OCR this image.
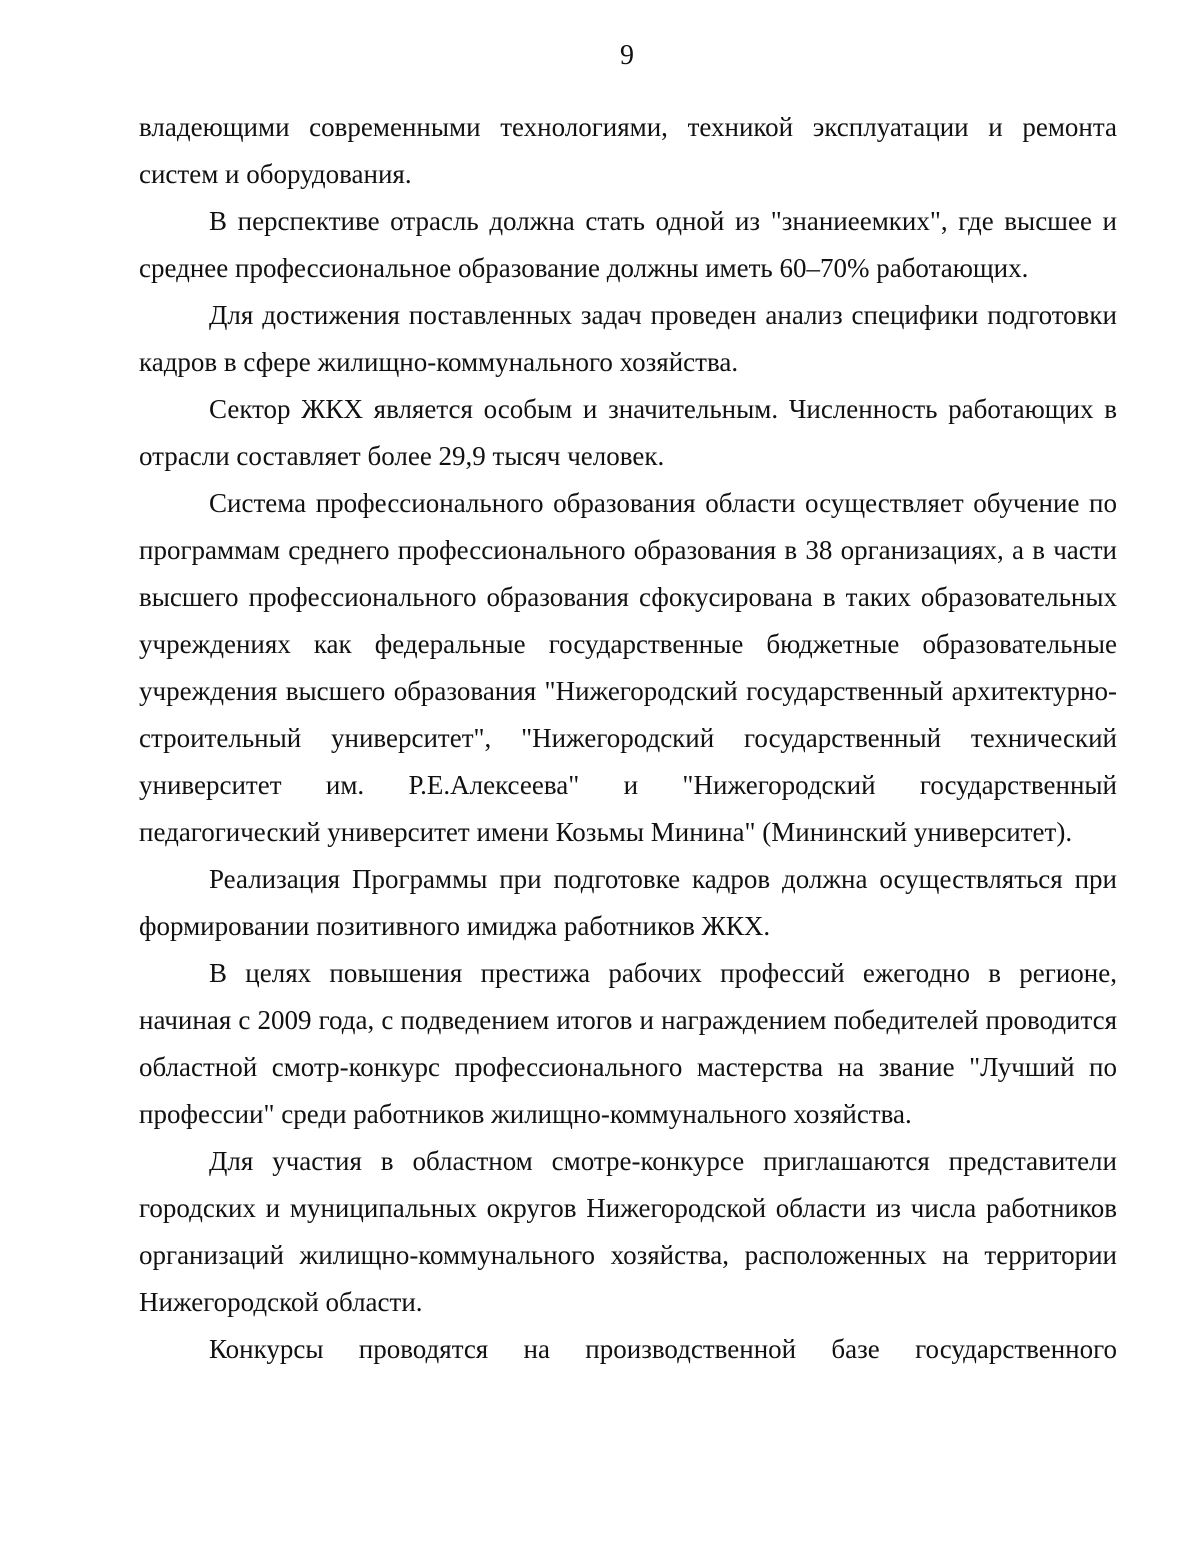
9

владеющими современными технологиями, техникой эксплуатации и ремонта систем и оборудования.

В перспективе отрасль должна стать одной из "знаниеемких", где высшее и среднее профессиональное образование должны иметь 60–70% работающих.

Для достижения поставленных задач проведен анализ специфики подготовки кадров в сфере жилищно-коммунального хозяйства.

Сектор ЖКХ является особым и значительным. Численность работающих в отрасли составляет более 29,9 тысяч человек.

Система профессионального образования области осуществляет обучение по программам среднего профессионального образования в 38 организациях, а в части высшего профессионального образования сфокусирована в таких образовательных учреждениях как федеральные государственные бюджетные образовательные учреждения высшего образования "Нижегородский государственный архитектурно-строительный университет", "Нижегородский государственный технический университет им. Р.Е.Алексеева" и "Нижегородский государственный педагогический университет имени Козьмы Минина" (Мининский университет).

Реализация Программы при подготовке кадров должна осуществляться при формировании позитивного имиджа работников ЖКХ.

В целях повышения престижа рабочих профессий ежегодно в регионе, начиная с 2009 года, с подведением итогов и награждением победителей проводится областной смотр-конкурс профессионального мастерства на звание "Лучший по профессии" среди работников жилищно-коммунального хозяйства.

Для участия в областном смотре-конкурсе приглашаются представители городских и муниципальных округов Нижегородской области из числа работников организаций жилищно-коммунального хозяйства, расположенных на территории Нижегородской области.

Конкурсы проводятся на производственной базе государственного
